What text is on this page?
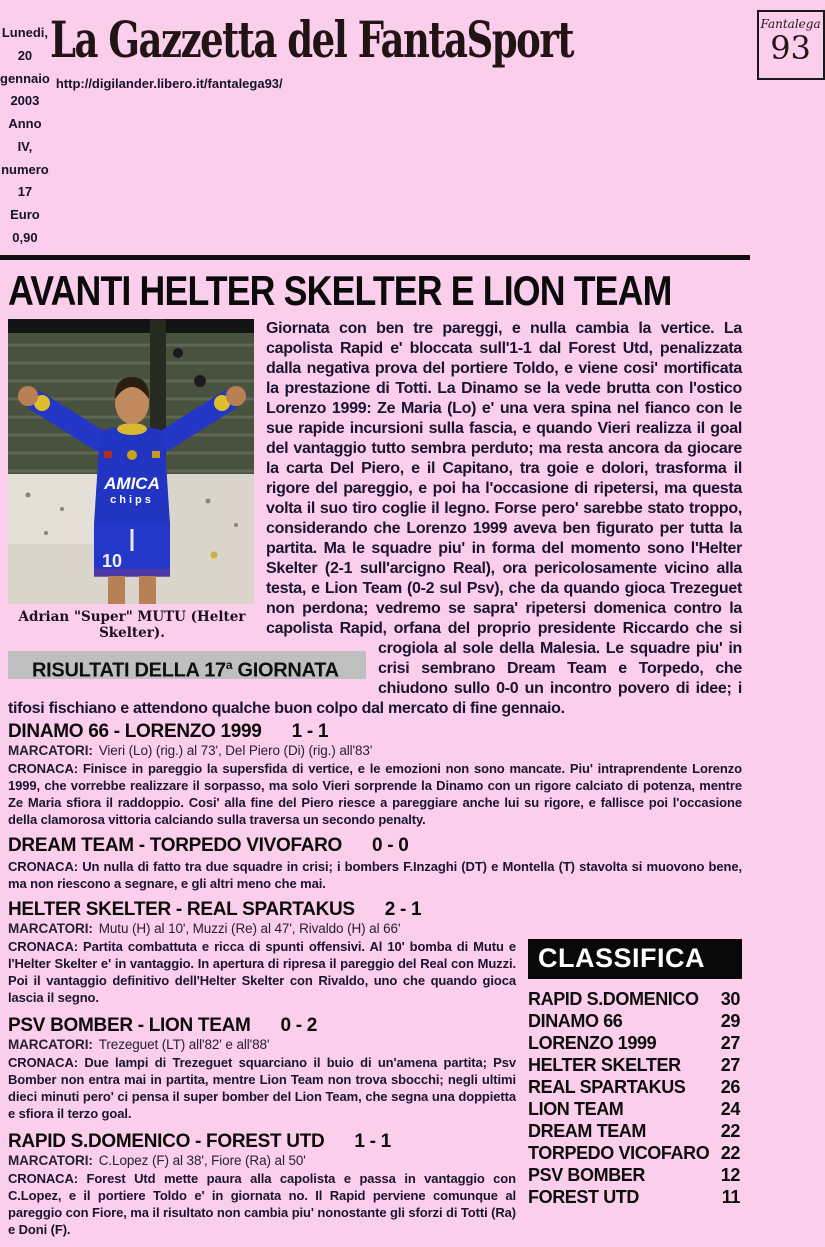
Lunedi, 20 gennaio 2003
Anno IV, numero 17
Euro 0,90
La Gazzetta del FantaSport
http://digilander.libero.it/fantalega93/
Fantalega
93
AVANTI HELTER SKELTER E LION TEAM
AMICA
chips
10
Adrian "Super" MUTU (Helter Skelter).
RISULTATI DELLA 17$^a$ GIORNATA

Giornata con ben tre pareggi, e nulla cambia la vertice. La capolista Rapid e' bloccata sull'1-1 dal Forest Utd, penalizzata dalla negativa prova del portiere Toldo, e viene cosi' mortificata la prestazione di Totti. La Dinamo se la vede brutta con l'ostico Lorenzo 1999: Ze Maria (Lo) e' una vera spina nel fianco con le sue rapide incursioni sulla fascia, e quando Vieri realizza il goal del vantaggio tutto sembra perduto; ma resta ancora da giocare la carta Del Piero, e il Capitano, tra goie e dolori, trasforma il rigore del pareggio, e poi ha l'occasione di ripetersi, ma questa volta il suo tiro coglie il legno. Forse pero' sarebbe stato troppo, considerando che Lorenzo 1999 aveva ben figurato per tutta la partita. Ma le squadre piu' in forma del momento sono l'Helter Skelter (2-1 sull'arcigno Real), ora pericolosamente vicino alla testa, e Lion Team (0-2 sul Psv), che da quando gioca Trezeguet non perdona; vedremo se sapra' ripetersi domenica contro la capolista Rapid, orfana del proprio presidente Riccardo che si crogiola al sole della Malesia. Le squadre piu' in crisi sembrano Dream Team e Torpedo, che chiudono sullo 0-0 un incontro povero di idee; i tifosi fischiano e attendono qualche buon colpo dal mercato di fine gennaio.

DINAMO 66 - LORENZO 1999 1 - 1
MARCATORI: Vieri (Lo) (rig.) al 73', Del Piero (Di) (rig.) all'83'

CRONACA: Finisce in pareggio la supersfida di vertice, e le emozioni non sono mancate. Piu' intraprendente Lorenzo 1999, che vorrebbe realizzare il sorpasso, ma solo Vieri sorprende la Dinamo con un rigore calciato di potenza, mentre Ze Maria sfiora il raddoppio. Cosi' alla fine del Piero riesce a pareggiare anche lui su rigore, e fallisce poi l'occasione della clamorosa vittoria calciando sulla traversa un secondo penalty.

DREAM TEAM - TORPEDO VIVOFARO 0 - 0

CRONACA: Un nulla di fatto tra due squadre in crisi; i bombers F.Inzaghi (DT) e Montella (T) stavolta si muovono bene, ma non riescono a segnare, e gli altri meno che mai.

HELTER SKELTER - REAL SPARTAKUS 2 - 1
MARCATORI: Mutu (H) al 10', Muzzi (Re) al 47', Rivaldo (H) al 66'

CRONACA: Partita combattuta e ricca di spunti offensivi. Al 10' bomba di Mutu e l'Helter Skelter e' in vantaggio. In apertura di ripresa il pareggio del Real con Muzzi. Poi il vantaggio definitivo dell'Helter Skelter con Rivaldo, uno che quando gioca lascia il segno.

PSV BOMBER - LION TEAM 0 - 2
MARCATORI: Trezeguet (LT) all'82' e all'88'

CRONACA: Due lampi di Trezeguet squarciano il buio di un'amena partita; Psv Bomber non entra mai in partita, mentre Lion Team non trova sbocchi; negli ultimi dieci minuti pero' ci pensa il super bomber del Lion Team, che segna una doppietta e sfiora il terzo goal.

RAPID S.DOMENICO - FOREST UTD 1 - 1
MARCATORI: C.Lopez (F) al 38', Fiore (Ra) al 50'

CRONACA: Forest Utd mette paura alla capolista e passa in vantaggio con C.Lopez, e il portiere Toldo e' in giornata no. Il Rapid perviene comunque al pareggio con Fiore, ma il risultato non cambia piu' nonostante gli sforzi di Totti (Ra) e Doni (F).

CLASSIFICA
RAPID S.DOMENICO 30
DINAMO 66	29
LORENZO 1999	27
HELTER SKELTER 27
REAL SPARTAKUS 26
LION TEAM	24
DREAM TEAM	22
TORPEDO VICOFARO 22
PSV BOMBER	12
FOREST UTD	11
